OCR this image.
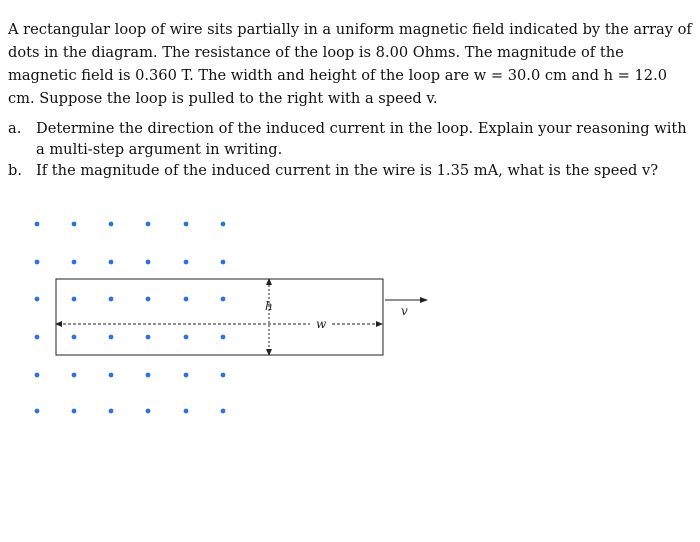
A rectangular loop of wire sits partially in a uniform magnetic field indicated by the array of dots in the diagram. The resistance of the loop is 8.00 Ohms. The magnitude of the magnetic field is 0.360 T. The width and height of the loop are w = 30.0 cm and h = 12.0 cm. Suppose the loop is pulled to the right with a speed v.

a.	Determine the direction of the induced current in the loop. Explain your reasoning with a multi-step argument in writing.
b. If the magnitude of the induced current in the wire is 1.35 mA, what is the speed v?
h
w
v
